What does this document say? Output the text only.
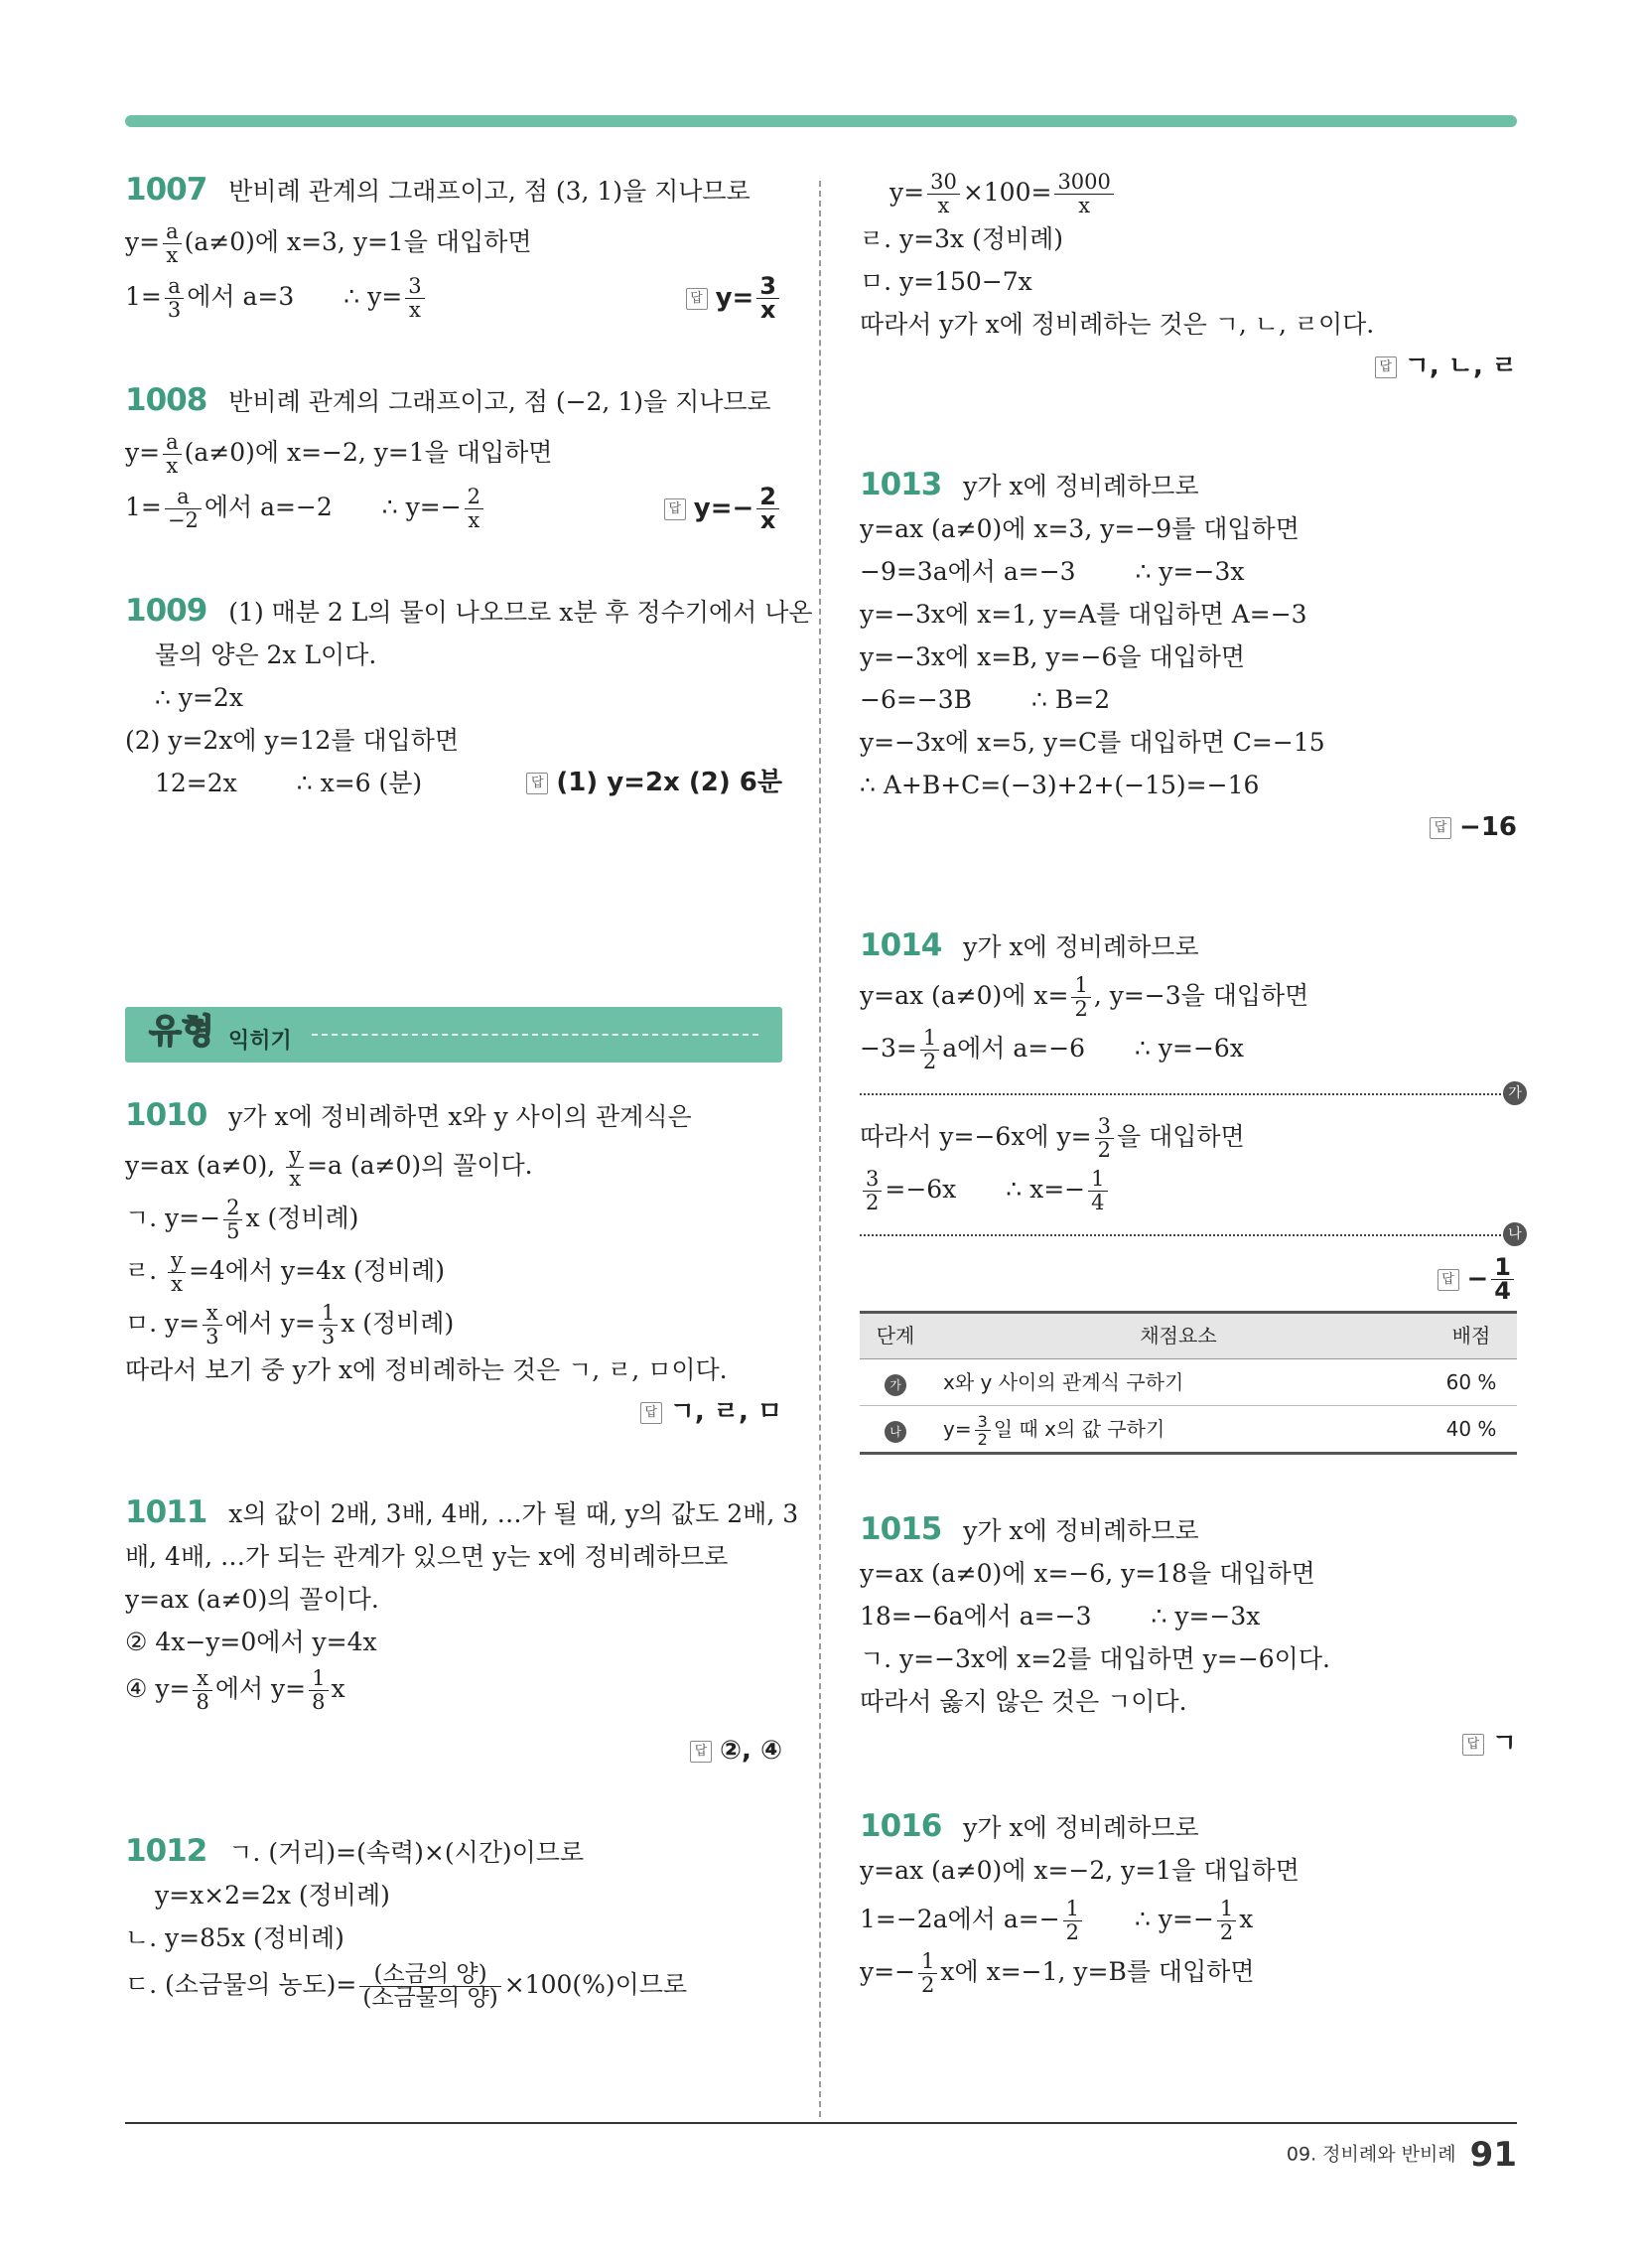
1007 반비례 관계의 그래프이고, 점 (3, 1)을 지나므로
$y= \frac{a}{x} (a\ne 0)$에 x=3, y=1을 대입하면
$1= \frac{a}{3}$ 에서 a=3 ∴ $y= \frac{3}{x}$	답 $y= \frac{3}{x}$
1008 반비례 관계의 그래프이고, 점 (−2, 1)을 지나므로
$y= \frac{a}{x} (a\ne 0)$에 x=−2, y=1을 대입하면
$1= \frac{a}{-2}$ 에서 a=−2 ∴ $y=- \frac{2}{x}$	답 $y=- \frac{2}{x}$
1009 (1) 매분 2 L의 물이 나오므로 x분 후 정수기에서 나온
물의 양은 2x L이다.
∴ y=2x
(2) y=2x에 y=12를 대입하면
12=2x ∴ x=6 (분)	답 (1) y=2x (2) 6분
유형 익히기
1010 y가 x에 정비례하면 x와 y 사이의 관계식은
y=ax (a≠0), $\frac{y}{x} =a$ (a≠0)의 꼴이다.
ㄱ. $y=- \frac{2}{5}$ x (정비례)
ㄹ. $\frac{y}{x} =4$에서 y=4x (정비례)
ㅁ. $y= \frac{x}{3}$ 에서 $y= \frac{1}{3}$ x (정비례)
따라서 보기 중 y가 x에 정비례하는 것은 ㄱ, ㄹ, ㅁ이다.
답 ㄱ, ㄹ, ㅁ
1011 x의 값이 2배, 3배, 4배, …가 될 때, y의 값도 2배, 3
배, 4배, …가 되는 관계가 있으면 y는 x에 정비례하므로
y=ax (a≠0)의 꼴이다.
② 4x−y=0에서 y=4x
④ $y= \frac{x}{8}$ 에서 $y= \frac{1}{8}$ x
답 ②, ④
1012 ㄱ. (거리)=(속력)×(시간)이므로
y=x×2=2x (정비례)
ㄴ. y=85x (정비례)
ㄷ. (소금물의 농도)= (소금의 양)
(소금물의 양) ×100(%)이므로
$y= \frac{30}{x} \times 100= \frac{3000}{x}$
ㄹ. y=3x (정비례)
ㅁ. y=150−7x
따라서 y가 x에 정비례하는 것은 ㄱ, ㄴ, ㄹ이다.
답 ㄱ, ㄴ, ㄹ
1013 y가 x에 정비례하므로
y=ax (a≠0)에 x=3, y=−9를 대입하면
−9=3a에서 a=−3 ∴ y=−3x
y=−3x에 x=1, y=A를 대입하면 A=−3
y=−3x에 x=B, y=−6을 대입하면
−6=−3B ∴ B=2
y=−3x에 x=5, y=C를 대입하면 C=−15
∴ A+B+C=(−3)+2+(−15)=−16
답 −16
1014 y가 x에 정비례하므로
y=ax (a≠0)에 $x= \frac{1}{2}$ , y=−3을 대입하면
$-3= \frac{1}{2}$ a에서 a=−6 ∴ y=−6x
가
따라서 y=−6x에 $y= \frac{3}{2}$ 을 대입하면
$\frac{3}{2} =-6x$ ∴ $x=- \frac{1}{4}$
나
답 − $\frac{1}{4}$
단계	채점요소	배점
가	x와 y 사이의 관계식 구하기	60 %
나	$y= \frac{3}{2}$ 일 때 x의 값 구하기	40 %
1015 y가 x에 정비례하므로
y=ax (a≠0)에 x=−6, y=18을 대입하면
18=−6a에서 a=−3 ∴ y=−3x
ㄱ. y=−3x에 x=2를 대입하면 y=−6이다.
따라서 옳지 않은 것은 ㄱ이다.
답 ㄱ
1016 y가 x에 정비례하므로
y=ax (a≠0)에 x=−2, y=1을 대입하면
1=−2a에서 $a=- \frac{1}{2}$ ∴ $y=- \frac{1}{2}$ x
$y=- \frac{1}{2}$ x에 x=−1, y=B를 대입하면
09. 정비례와 반비례 91
